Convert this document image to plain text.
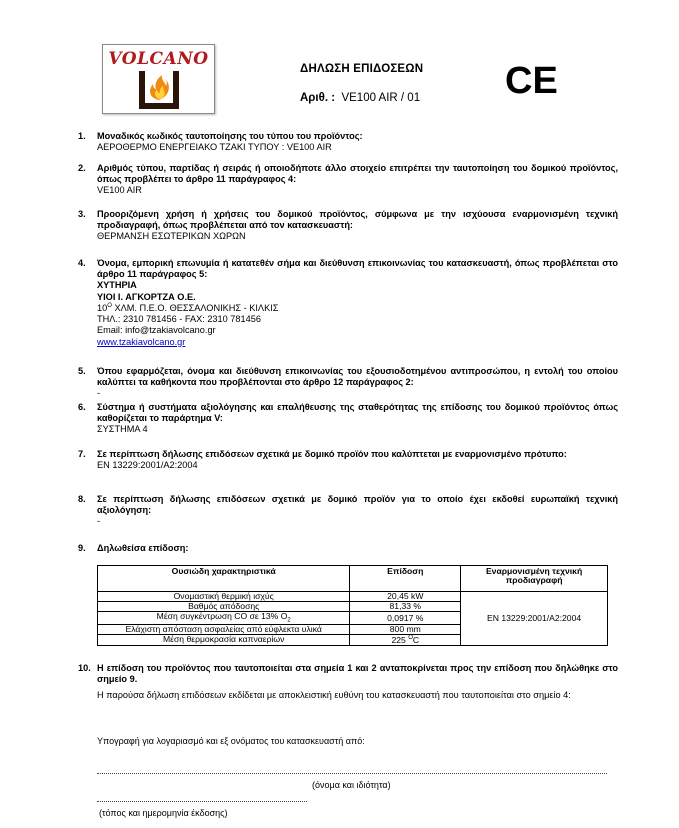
VOLCANO	ΔΗΛΩΣΗ ΕΠΙΔΟΣΕΩΝ
Αριθ. : VE100 AIR / 01 CE
1. Μοναδικός κωδικός ταυτοποίησης του τύπου του προϊόντος:
ΑΕΡΟΘΕΡΜΟ ΕΝΕΡΓΕΙΑΚΟ ΤΖΑΚΙ ΤΥΠΟΥ : VE100 AIR
2. Αριθμός τύπου, παρτίδας ή σειράς ή οποιοδήποτε άλλο στοιχείο επιτρέπει την ταυτοποίηση του δομικού προϊόντος, όπως προβλέπει το άρθρο 11 παράγραφος 4:
VE100 AIR
3. Προοριζόμενη χρήση ή χρήσεις του δομικού προϊόντος, σύμφωνα με την ισχύουσα εναρμονισμένη τεχνική προδιαγραφή, όπως προβλέπεται από τον κατασκευαστή:
ΘΕΡΜΑΝΣΗ ΕΣΩΤΕΡΙΚΩΝ ΧΩΡΩΝ
4. Όνομα, εμπορική επωνυμία ή κατατεθέν σήμα και διεύθυνση επικοινωνίας του κατασκευαστή, όπως προβλέπεται στο άρθρο 11 παράγραφος 5:
ΧΥΤΗΡΙΑ
ΥΙΟΙ Ι. ΑΓΚΟΡΤΖΑ Ο.Ε.
$10^O$ ΧΛΜ. Π.Ε.Ο. ΘΕΣΣΑΛΟΝΙΚΗΣ - ΚΙΛΚΙΣ
ΤΗΛ.: 2310 781456 - FAX: 2310 781456
Email: info@tzakiavolcano.gr
www.tzakiavolcano.gr
5. Όπου εφαρμόζεται, όνομα και διεύθυνση επικοινωνίας του εξουσιοδοτημένου αντιπροσώπου, η εντολή του οποίου καλύπτει τα καθήκοντα που προβλέπονται στο άρθρο 12 παράγραφος 2:
-
6. Σύστημα ή συστήματα αξιολόγησης και επαλήθευσης της σταθερότητας της επίδοσης του δομικού προϊόντος όπως καθορίζεται το παράρτημα V:
ΣΥΣΤΗΜΑ 4
7. Σε περίπτωση δήλωσης επιδόσεων σχετικά με δομικό προϊόν που καλύπτεται με εναρμονισμένο πρότυπο:
EN 13229:2001/A2:2004
8. Σε περίπτωση δήλωσης επιδόσεων σχετικά με δομικό προϊόν για το οποίο έχει εκδοθεί ευρωπαϊκή τεχνική αξιολόγηση:
-
9. Δηλωθείσα επίδοση:
Ουσιώδη χαρακτηριστικά	Επίδοση	Εναρμονισμένη τεχνική προδιαγραφή
Ονομαστική θερμική ισχύς	20,45 kW	EN 13229:2001/A2:2004
Βαθμός απόδοσης	81,33 %	
Μέση συγκέντρωση CO σε 13% $O_2$	0,0917 %	
Ελάχιστη απόσταση ασφαλείας από εύφλεκτα υλικά	800 mm	
Μέση θερμοκρασία καπναερίων	225 $^O$C	
10. Η επίδοση του προϊόντος που ταυτοποιείται στα σημεία 1 και 2 ανταποκρίνεται προς την επίδοση που δηλώθηκε στο σημείο 9.
Η παρούσα δήλωση επιδόσεων εκδίδεται με αποκλειστική ευθύνη του κατασκευαστή που ταυτοποιείται στο σημείο 4:
Υπογραφή για λογαριασμό και εξ ονόματος του κατασκευαστή από:
(όνομα και ιδιότητα)
(τόπος και ημερομηνία έκδοσης)
